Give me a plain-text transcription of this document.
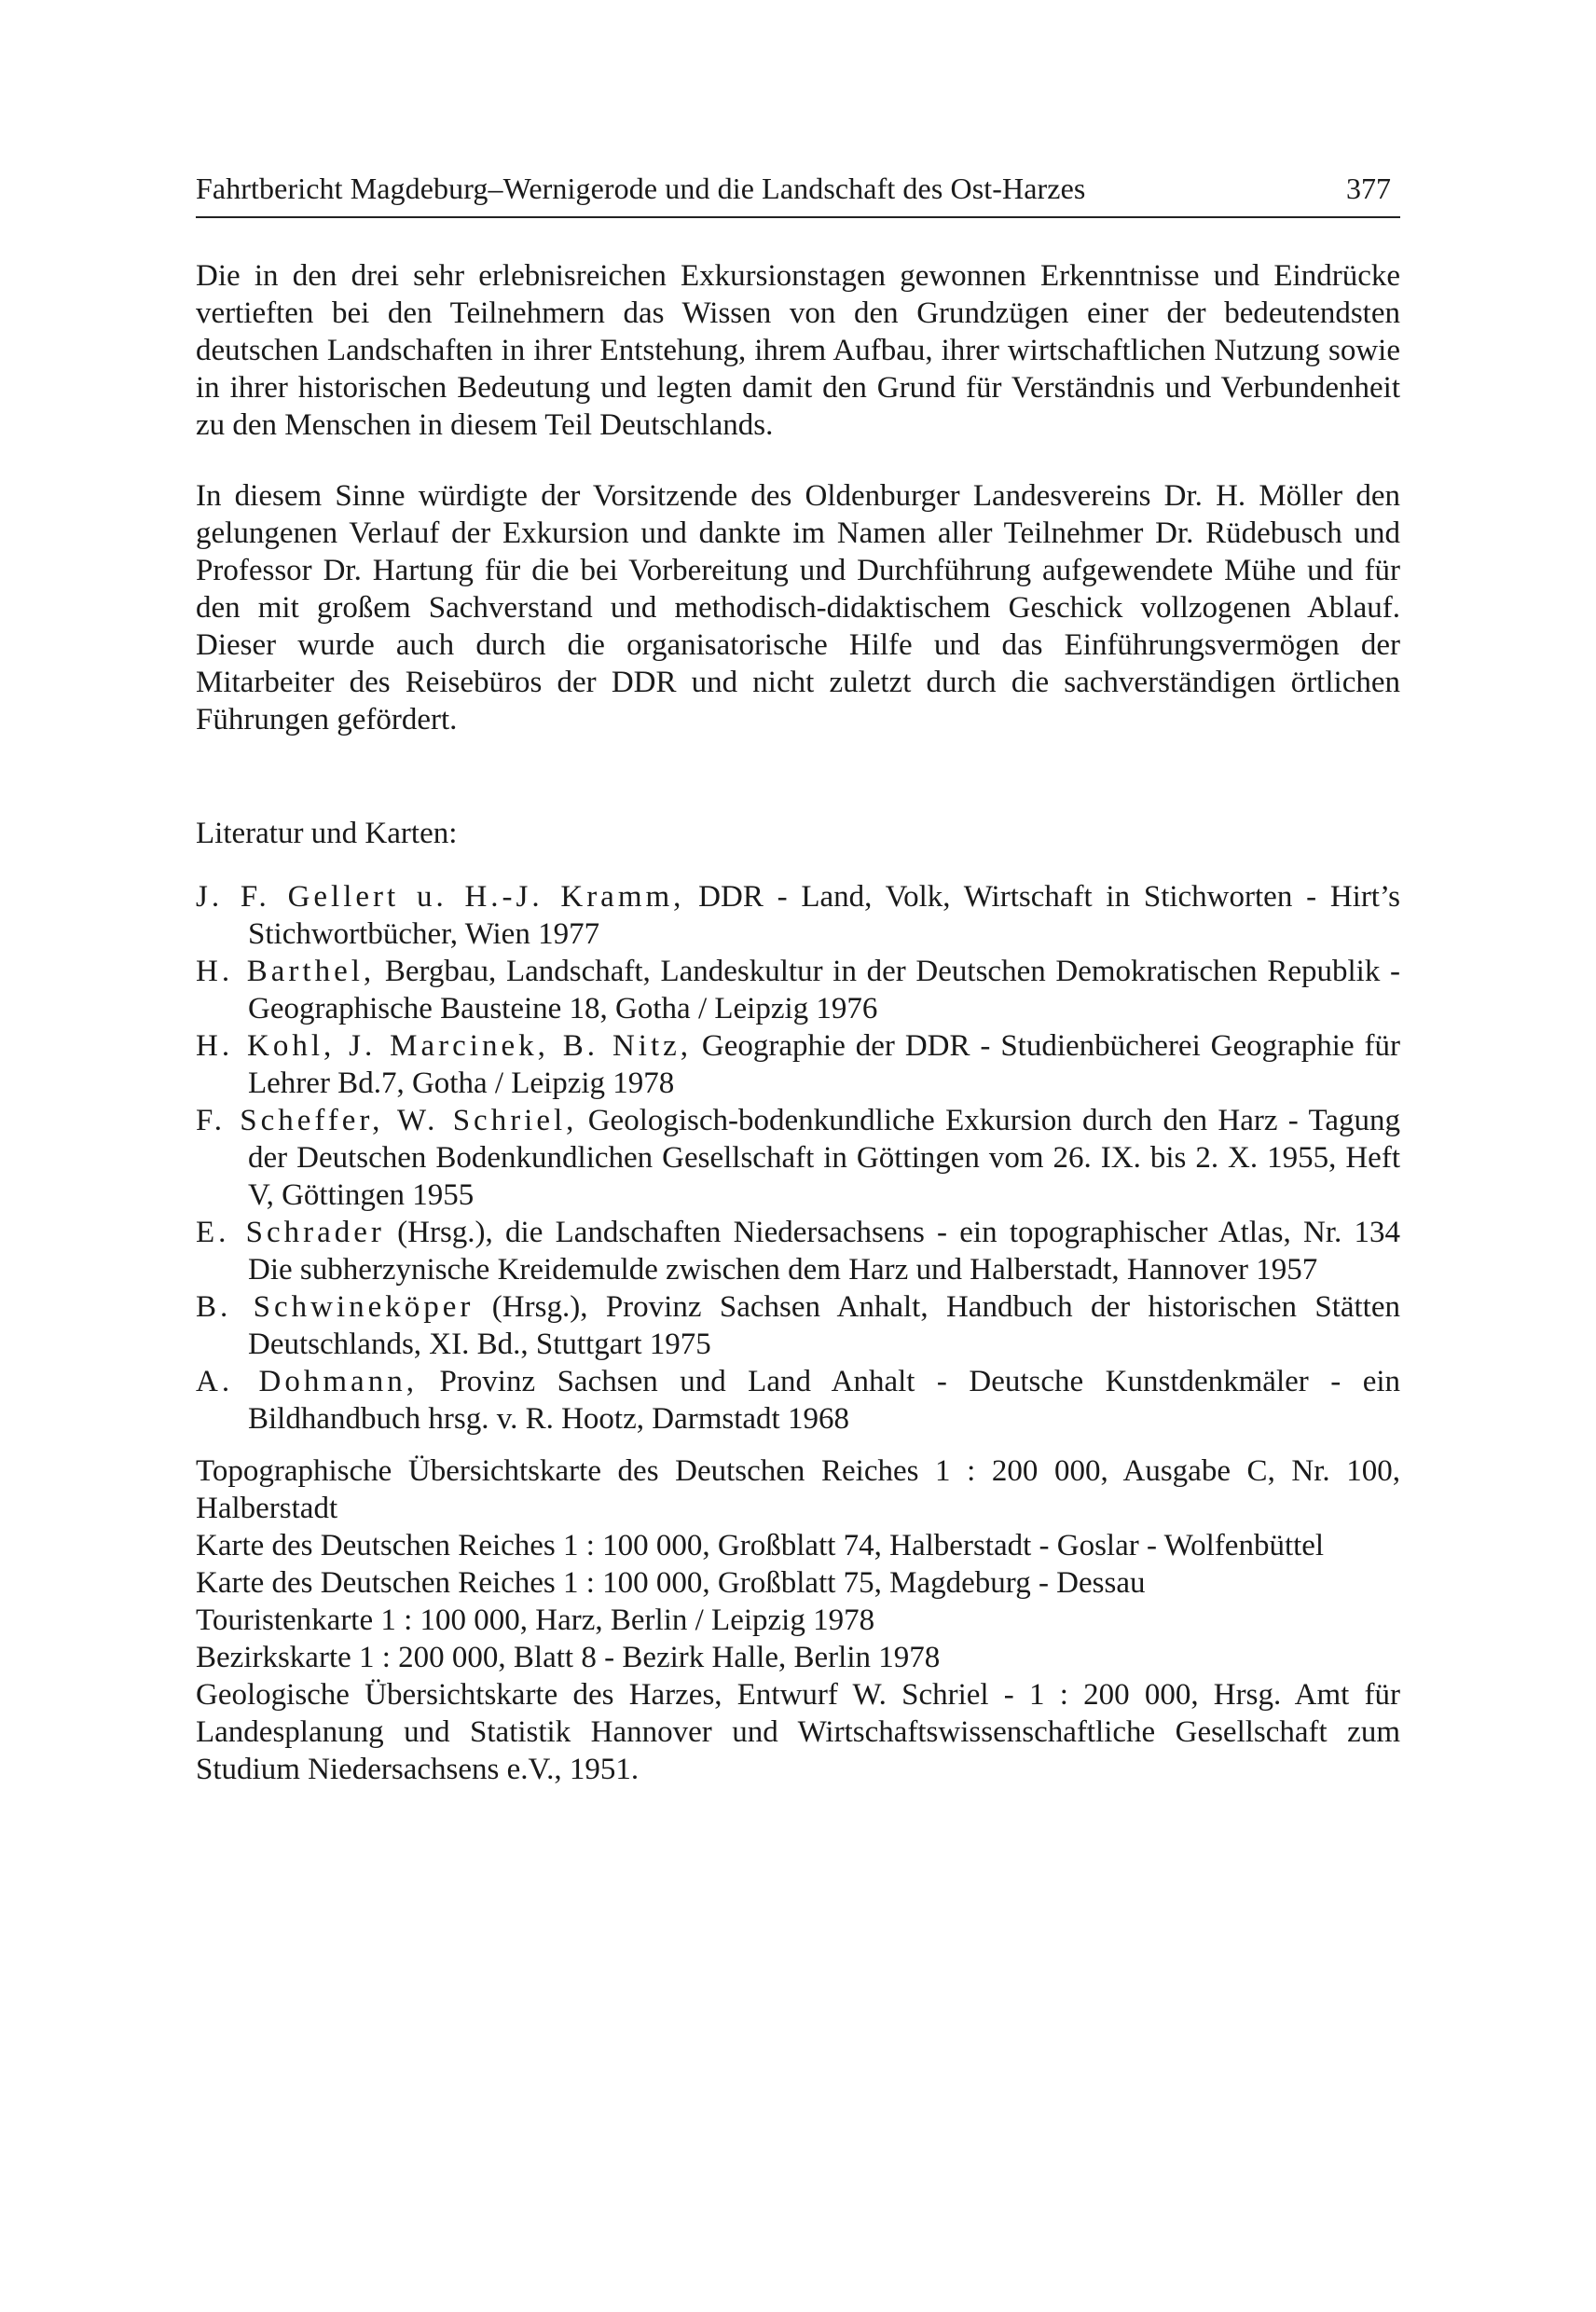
Fahrtbericht Magdeburg–Wernigerode und die Landschaft des Ost-Harzes	377

Die in den drei sehr erlebnisreichen Exkursionstagen gewonnen Erkenntnisse und Eindrücke vertieften bei den Teilnehmern das Wissen von den Grundzügen einer der bedeutendsten deutschen Landschaften in ihrer Entstehung, ihrem Aufbau, ihrer wirtschaftlichen Nutzung sowie in ihrer historischen Bedeutung und legten damit den Grund für Verständnis und Verbundenheit zu den Menschen in diesem Teil Deutschlands.

In diesem Sinne würdigte der Vorsitzende des Oldenburger Landesvereins Dr. H. Möller den gelungenen Verlauf der Exkursion und dankte im Namen aller Teilnehmer Dr. Rüdebusch und Professor Dr. Hartung für die bei Vorbereitung und Durchführung aufgewendete Mühe und für den mit großem Sachverstand und methodisch-didaktischem Geschick vollzogenen Ablauf. Dieser wurde auch durch die organisatorische Hilfe und das Einführungsvermögen der Mitarbeiter des Reisebüros der DDR und nicht zuletzt durch die sachverständigen örtlichen Führungen gefördert.

Literatur und Karten:

J. F. Gellert u. H.-J. Kramm, DDR - Land, Volk, Wirtschaft in Stichworten - Hirt’s Stichwortbücher, Wien 1977

H. Barthel, Bergbau, Landschaft, Landeskultur in der Deutschen Demokratischen Republik - Geographische Bausteine 18, Gotha / Leipzig 1976

H. Kohl, J. Marcinek, B. Nitz, Geographie der DDR - Studienbücherei Geographie für Lehrer Bd.7, Gotha / Leipzig 1978

F. Scheffer, W. Schriel, Geologisch-bodenkundliche Exkursion durch den Harz - Tagung der Deutschen Bodenkundlichen Gesellschaft in Göttingen vom 26. IX. bis 2. X. 1955, Heft V, Göttingen 1955

E. Schrader (Hrsg.), die Landschaften Niedersachsens - ein topographischer Atlas, Nr. 134 Die subherzynische Kreidemulde zwischen dem Harz und Halberstadt, Hannover 1957

B. Schwineköper (Hrsg.), Provinz Sachsen Anhalt, Handbuch der historischen Stätten Deutschlands, XI. Bd., Stuttgart 1975

A. Dohmann, Provinz Sachsen und Land Anhalt - Deutsche Kunstdenkmäler - ein Bildhandbuch hrsg. v. R. Hootz, Darmstadt 1968

Topographische Übersichtskarte des Deutschen Reiches 1 : 200 000, Ausgabe C, Nr. 100, Halberstadt

Karte des Deutschen Reiches 1 : 100 000, Großblatt 74, Halberstadt - Goslar - Wolfenbüttel

Karte des Deutschen Reiches 1 : 100 000, Großblatt 75, Magdeburg - Dessau

Touristenkarte 1 : 100 000, Harz, Berlin / Leipzig 1978

Bezirkskarte 1 : 200 000, Blatt 8 - Bezirk Halle, Berlin 1978

Geologische Übersichtskarte des Harzes, Entwurf W. Schriel - 1 : 200 000, Hrsg. Amt für Landesplanung und Statistik Hannover und Wirtschaftswissenschaftliche Gesellschaft zum Studium Niedersachsens e.V., 1951.
